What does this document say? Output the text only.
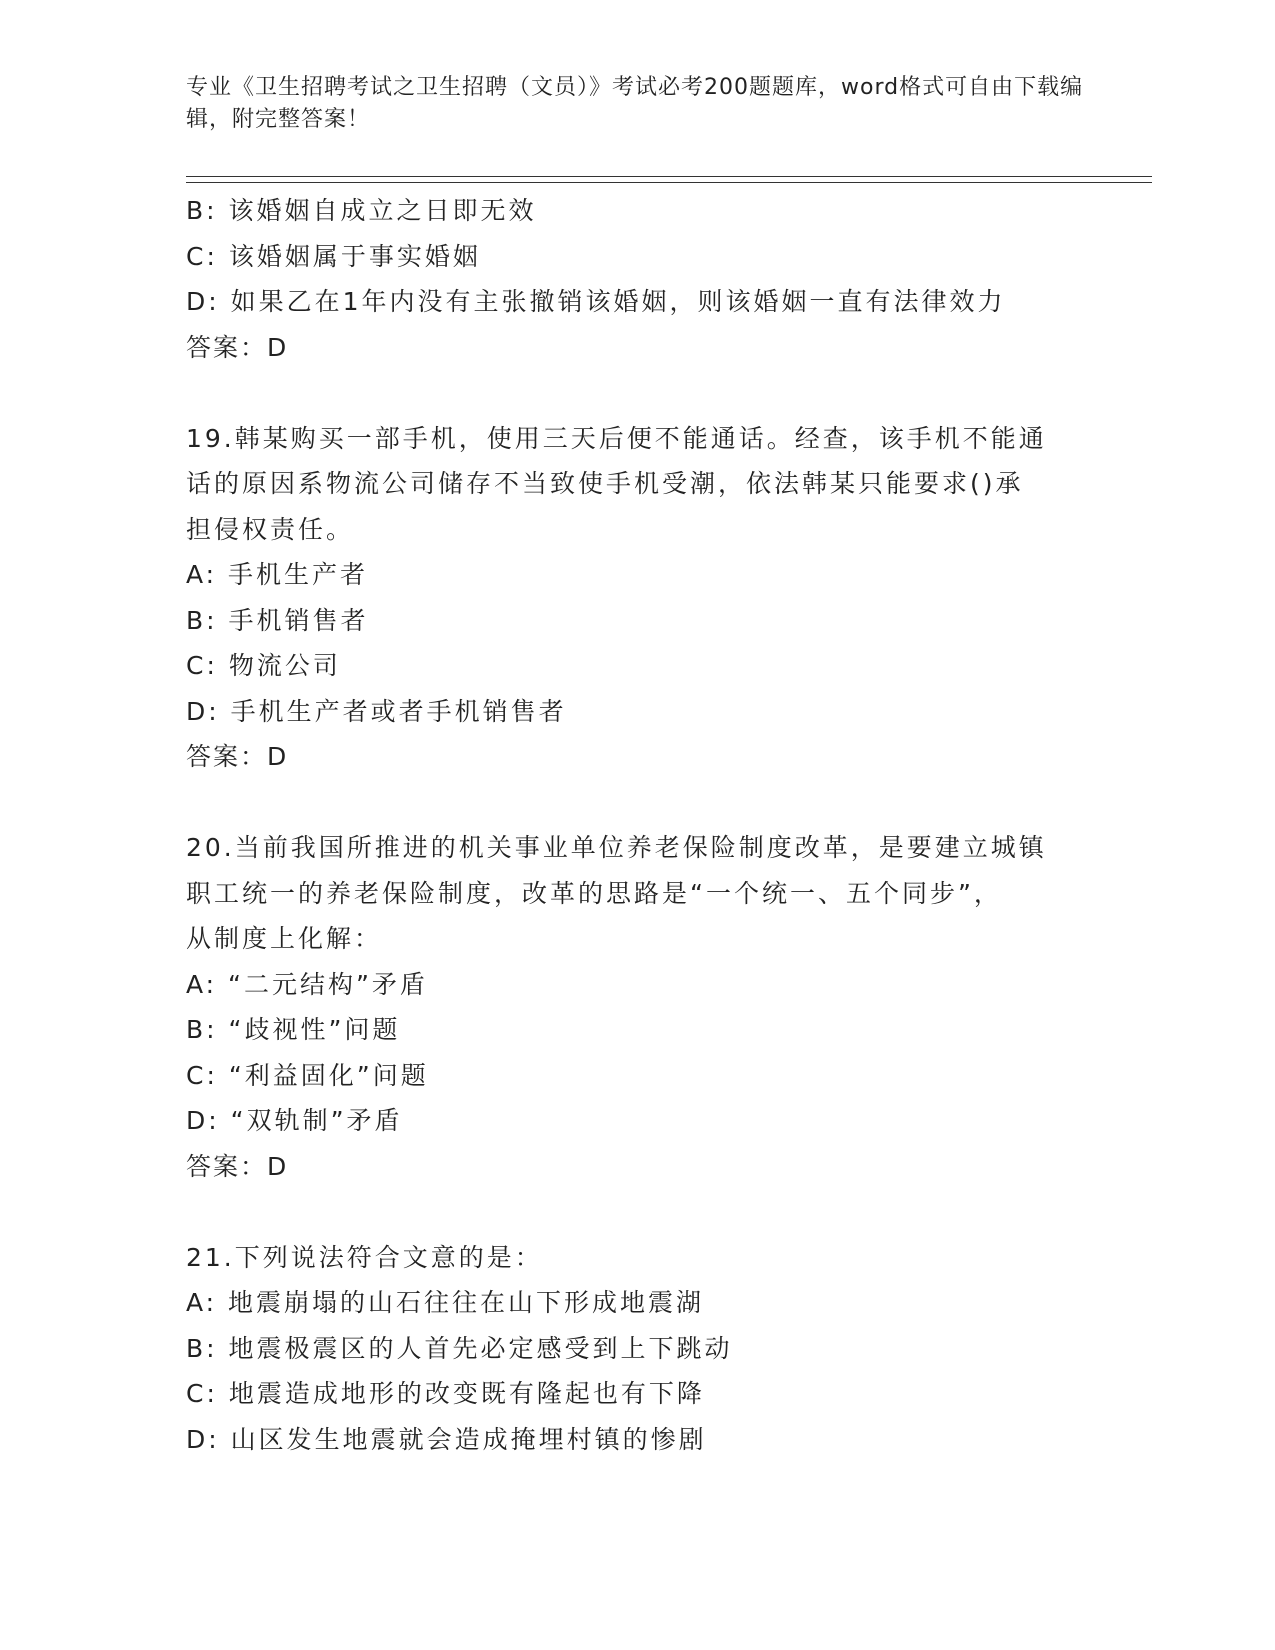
专业《卫生招聘考试之卫生招聘（文员）》考试必考200题题库，word格式可自由下载编辑，附完整答案！
B: 该婚姻自成立之日即无效
C: 该婚姻属于事实婚姻
D: 如果乙在1年内没有主张撤销该婚姻，则该婚姻一直有法律效力
答案：D
19.韩某购买一部手机，使用三天后便不能通话。经查，该手机不能通
话的原因系物流公司储存不当致使手机受潮，依法韩某只能要求()承
担侵权责任。
A: 手机生产者
B: 手机销售者
C: 物流公司
D: 手机生产者或者手机销售者
答案：D
20.当前我国所推进的机关事业单位养老保险制度改革，是要建立城镇
职工统一的养老保险制度，改革的思路是“一个统一、五个同步”，
从制度上化解：
A: “二元结构”矛盾
B: “歧视性”问题
C: “利益固化”问题
D: “双轨制”矛盾
答案：D
21.下列说法符合文意的是：
A: 地震崩塌的山石往往在山下形成地震湖
B: 地震极震区的人首先必定感受到上下跳动
C: 地震造成地形的改变既有隆起也有下降
D: 山区发生地震就会造成掩埋村镇的惨剧
